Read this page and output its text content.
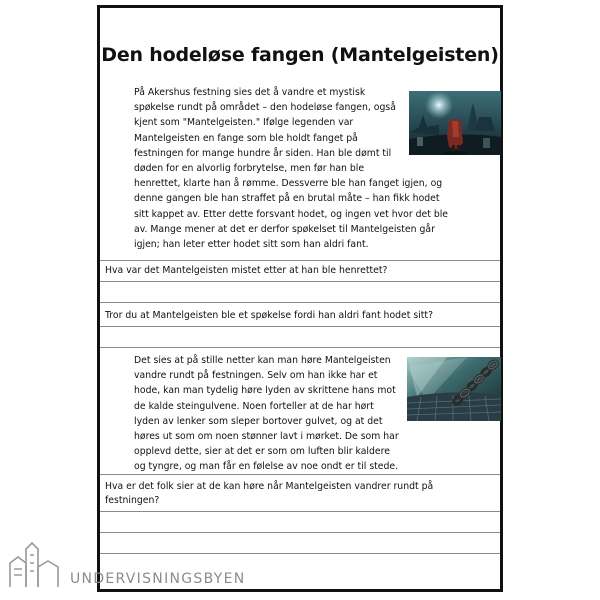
Den hodeløse fangen (Mantelgeisten)
På Akershus festning sies det å vandre et mystisk
spøkelse rundt på området – den hodeløse fangen, også
kjent som "Mantelgeisten." Ifølge legenden var
Mantelgeisten en fange som ble holdt fanget på
festningen for mange hundre år siden. Han ble dømt til
døden for en alvorlig forbrytelse, men før han ble
henrettet, klarte han å rømme. Dessverre ble han fanget igjen, og
denne gangen ble han straffet på en brutal måte – han fikk hodet
sitt kappet av. Etter dette forsvant hodet, og ingen vet hvor det ble
av. Mange mener at det er derfor spøkelset til Mantelgeisten går
igjen; han leter etter hodet sitt som han aldri fant.
Hva var det Mantelgeisten mistet etter at han ble henrettet?
Tror du at Mantelgeisten ble et spøkelse fordi han aldri fant hodet sitt?
Det sies at på stille netter kan man høre Mantelgeisten
vandre rundt på festningen. Selv om han ikke har et
hode, kan man tydelig høre lyden av skrittene hans mot
de kalde steingulvene. Noen forteller at de har hørt
lyden av lenker som sleper bortover gulvet, og at det
høres ut som om noen stønner lavt i mørket. De som har
opplevd dette, sier at det er som om luften blir kaldere
og tyngre, og man får en følelse av noe ondt er til stede.
Hva er det folk sier at de kan høre når Mantelgeisten vandrer rundt på
festningen?
UNDERVISNINGSBYEN
